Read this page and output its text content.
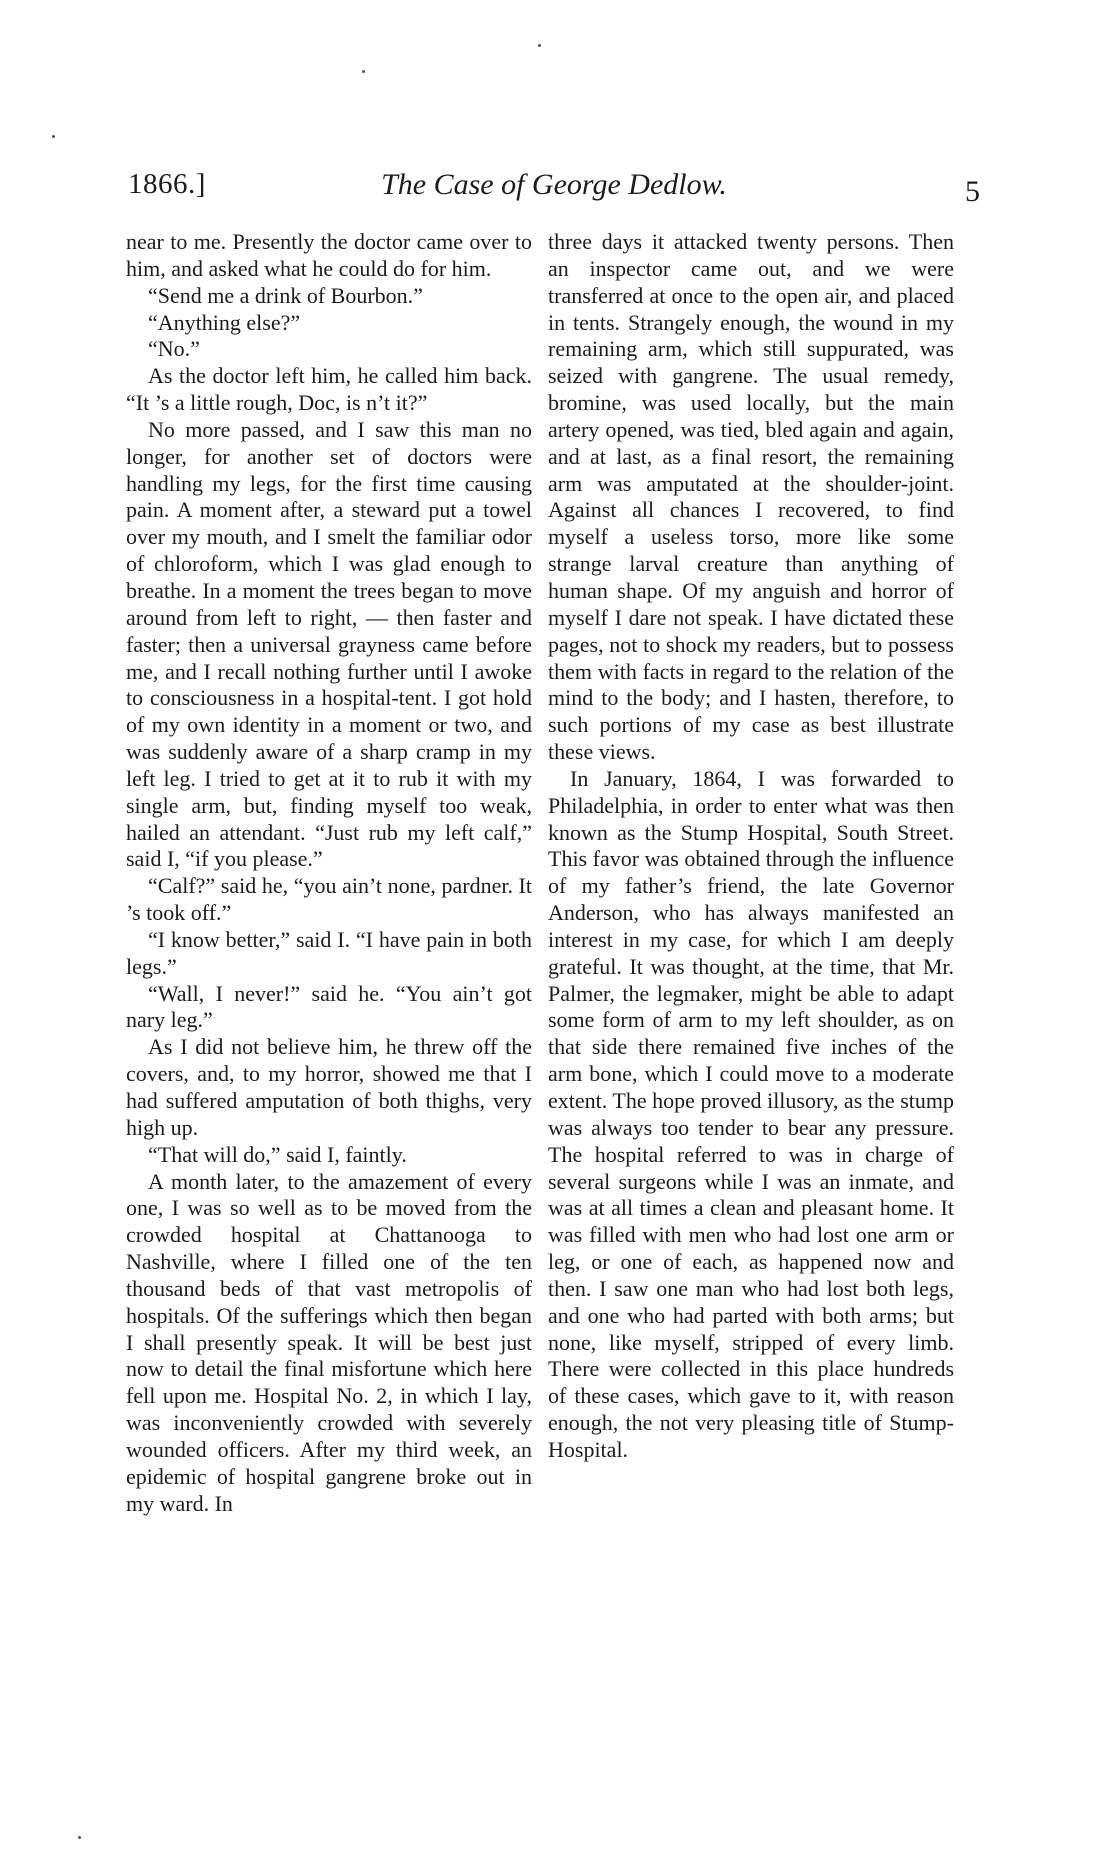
1866.]	The Case of George Dedlow.	5

near to me. Presently the doctor came over to him, and asked what he could do for him.

“Send me a drink of Bourbon.”

“Anything else?”

“No.”

As the doctor left him, he called him back. “It ’s a little rough, Doc, is n’t it?”

No more passed, and I saw this man no longer, for another set of doctors were handling my legs, for the first time causing pain. A moment after, a steward put a towel over my mouth, and I smelt the familiar odor of chloroform, which I was glad enough to breathe. In a moment the trees began to move around from left to right, — then faster and faster; then a universal grayness came before me, and I recall nothing further until I awoke to consciousness in a hospital-tent. I got hold of my own identity in a moment or two, and was suddenly aware of a sharp cramp in my left leg. I tried to get at it to rub it with my single arm, but, finding myself too weak, hailed an attendant. “Just rub my left calf,” said I, “if you please.”

“Calf?” said he, “you ain’t none, pardner. It ’s took off.”

“I know better,” said I. “I have pain in both legs.”

“Wall, I never!” said he. “You ain’t got nary leg.”

As I did not believe him, he threw off the covers, and, to my horror, showed me that I had suffered amputation of both thighs, very high up.

“That will do,” said I, faintly.

A month later, to the amazement of every one, I was so well as to be moved from the crowded hospital at Chattanooga to Nashville, where I filled one of the ten thousand beds of that vast metropolis of hospitals. Of the sufferings which then began I shall presently speak. It will be best just now to detail the final misfortune which here fell upon me. Hospital No. 2, in which I lay, was inconveniently crowded with severely wounded officers. After my third week, an epidemic of hospital gangrene broke out in my ward. In

three days it attacked twenty persons. Then an inspector came out, and we were transferred at once to the open air, and placed in tents. Strangely enough, the wound in my remaining arm, which still suppurated, was seized with gangrene. The usual remedy, bromine, was used locally, but the main artery opened, was tied, bled again and again, and at last, as a final resort, the remaining arm was amputated at the shoulder-joint. Against all chances I recovered, to find myself a useless torso, more like some strange larval creature than anything of human shape. Of my anguish and horror of myself I dare not speak. I have dictated these pages, not to shock my readers, but to possess them with facts in regard to the relation of the mind to the body; and I hasten, therefore, to such portions of my case as best illustrate these views.

In January, 1864, I was forwarded to Philadelphia, in order to enter what was then known as the Stump Hospital, South Street. This favor was obtained through the influence of my father’s friend, the late Governor Anderson, who has always manifested an interest in my case, for which I am deeply grateful. It was thought, at the time, that Mr. Palmer, the legmaker, might be able to adapt some form of arm to my left shoulder, as on that side there remained five inches of the arm bone, which I could move to a moderate extent. The hope proved illusory, as the stump was always too tender to bear any pressure. The hospital referred to was in charge of several surgeons while I was an inmate, and was at all times a clean and pleasant home. It was filled with men who had lost one arm or leg, or one of each, as happened now and then. I saw one man who had lost both legs, and one who had parted with both arms; but none, like myself, stripped of every limb. There were collected in this place hundreds of these cases, which gave to it, with reason enough, the not very pleasing title of Stump-Hospital.
